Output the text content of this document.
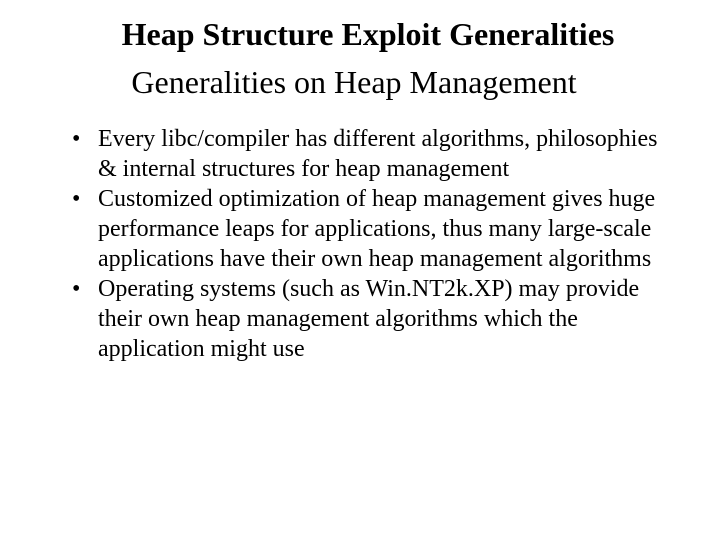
Heap Structure Exploit Generalities
Generalities on Heap Management
• Every libc/compiler has different algorithms, philosophies & internal structures for heap management
• Customized optimization of heap management gives huge performance leaps for applications, thus many large-scale applications have their own heap management algorithms
• Operating systems (such as Win.NT2k.XP) may provide their own heap management algorithms which the application might use
